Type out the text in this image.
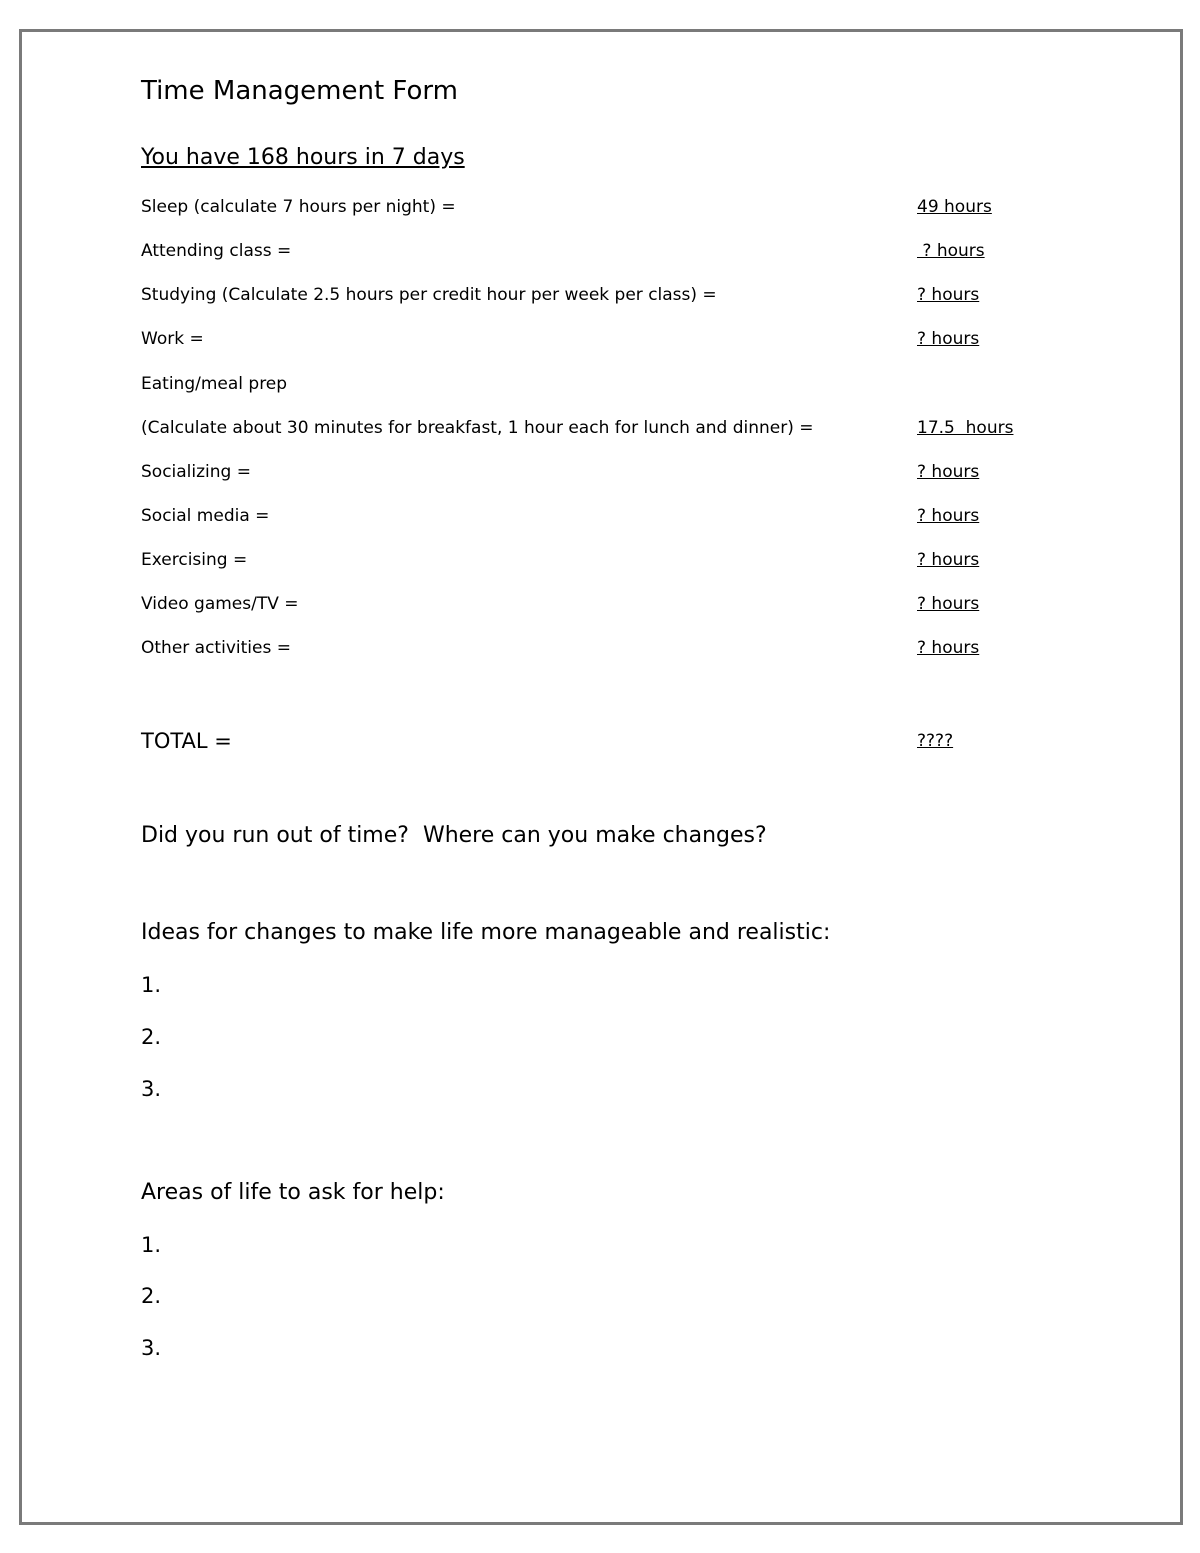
Time Management Form
You have 168 hours in 7 days
Sleep (calculate 7 hours per night) =	49 hours
Attending class =	? hours
Studying (Calculate 2.5 hours per credit hour per week per class) =	? hours
Work =	? hours
Eating/meal prep
(Calculate about 30 minutes for breakfast, 1 hour each for lunch and dinner) =	17.5  hours
Socializing =	? hours
Social media =	? hours
Exercising =	? hours
Video games/TV =	? hours
Other activities =	? hours
TOTAL =	????
Did you run out of time?  Where can you make changes?
Ideas for changes to make life more manageable and realistic:
1.
2.
3.
Areas of life to ask for help:
1.
2.
3.
